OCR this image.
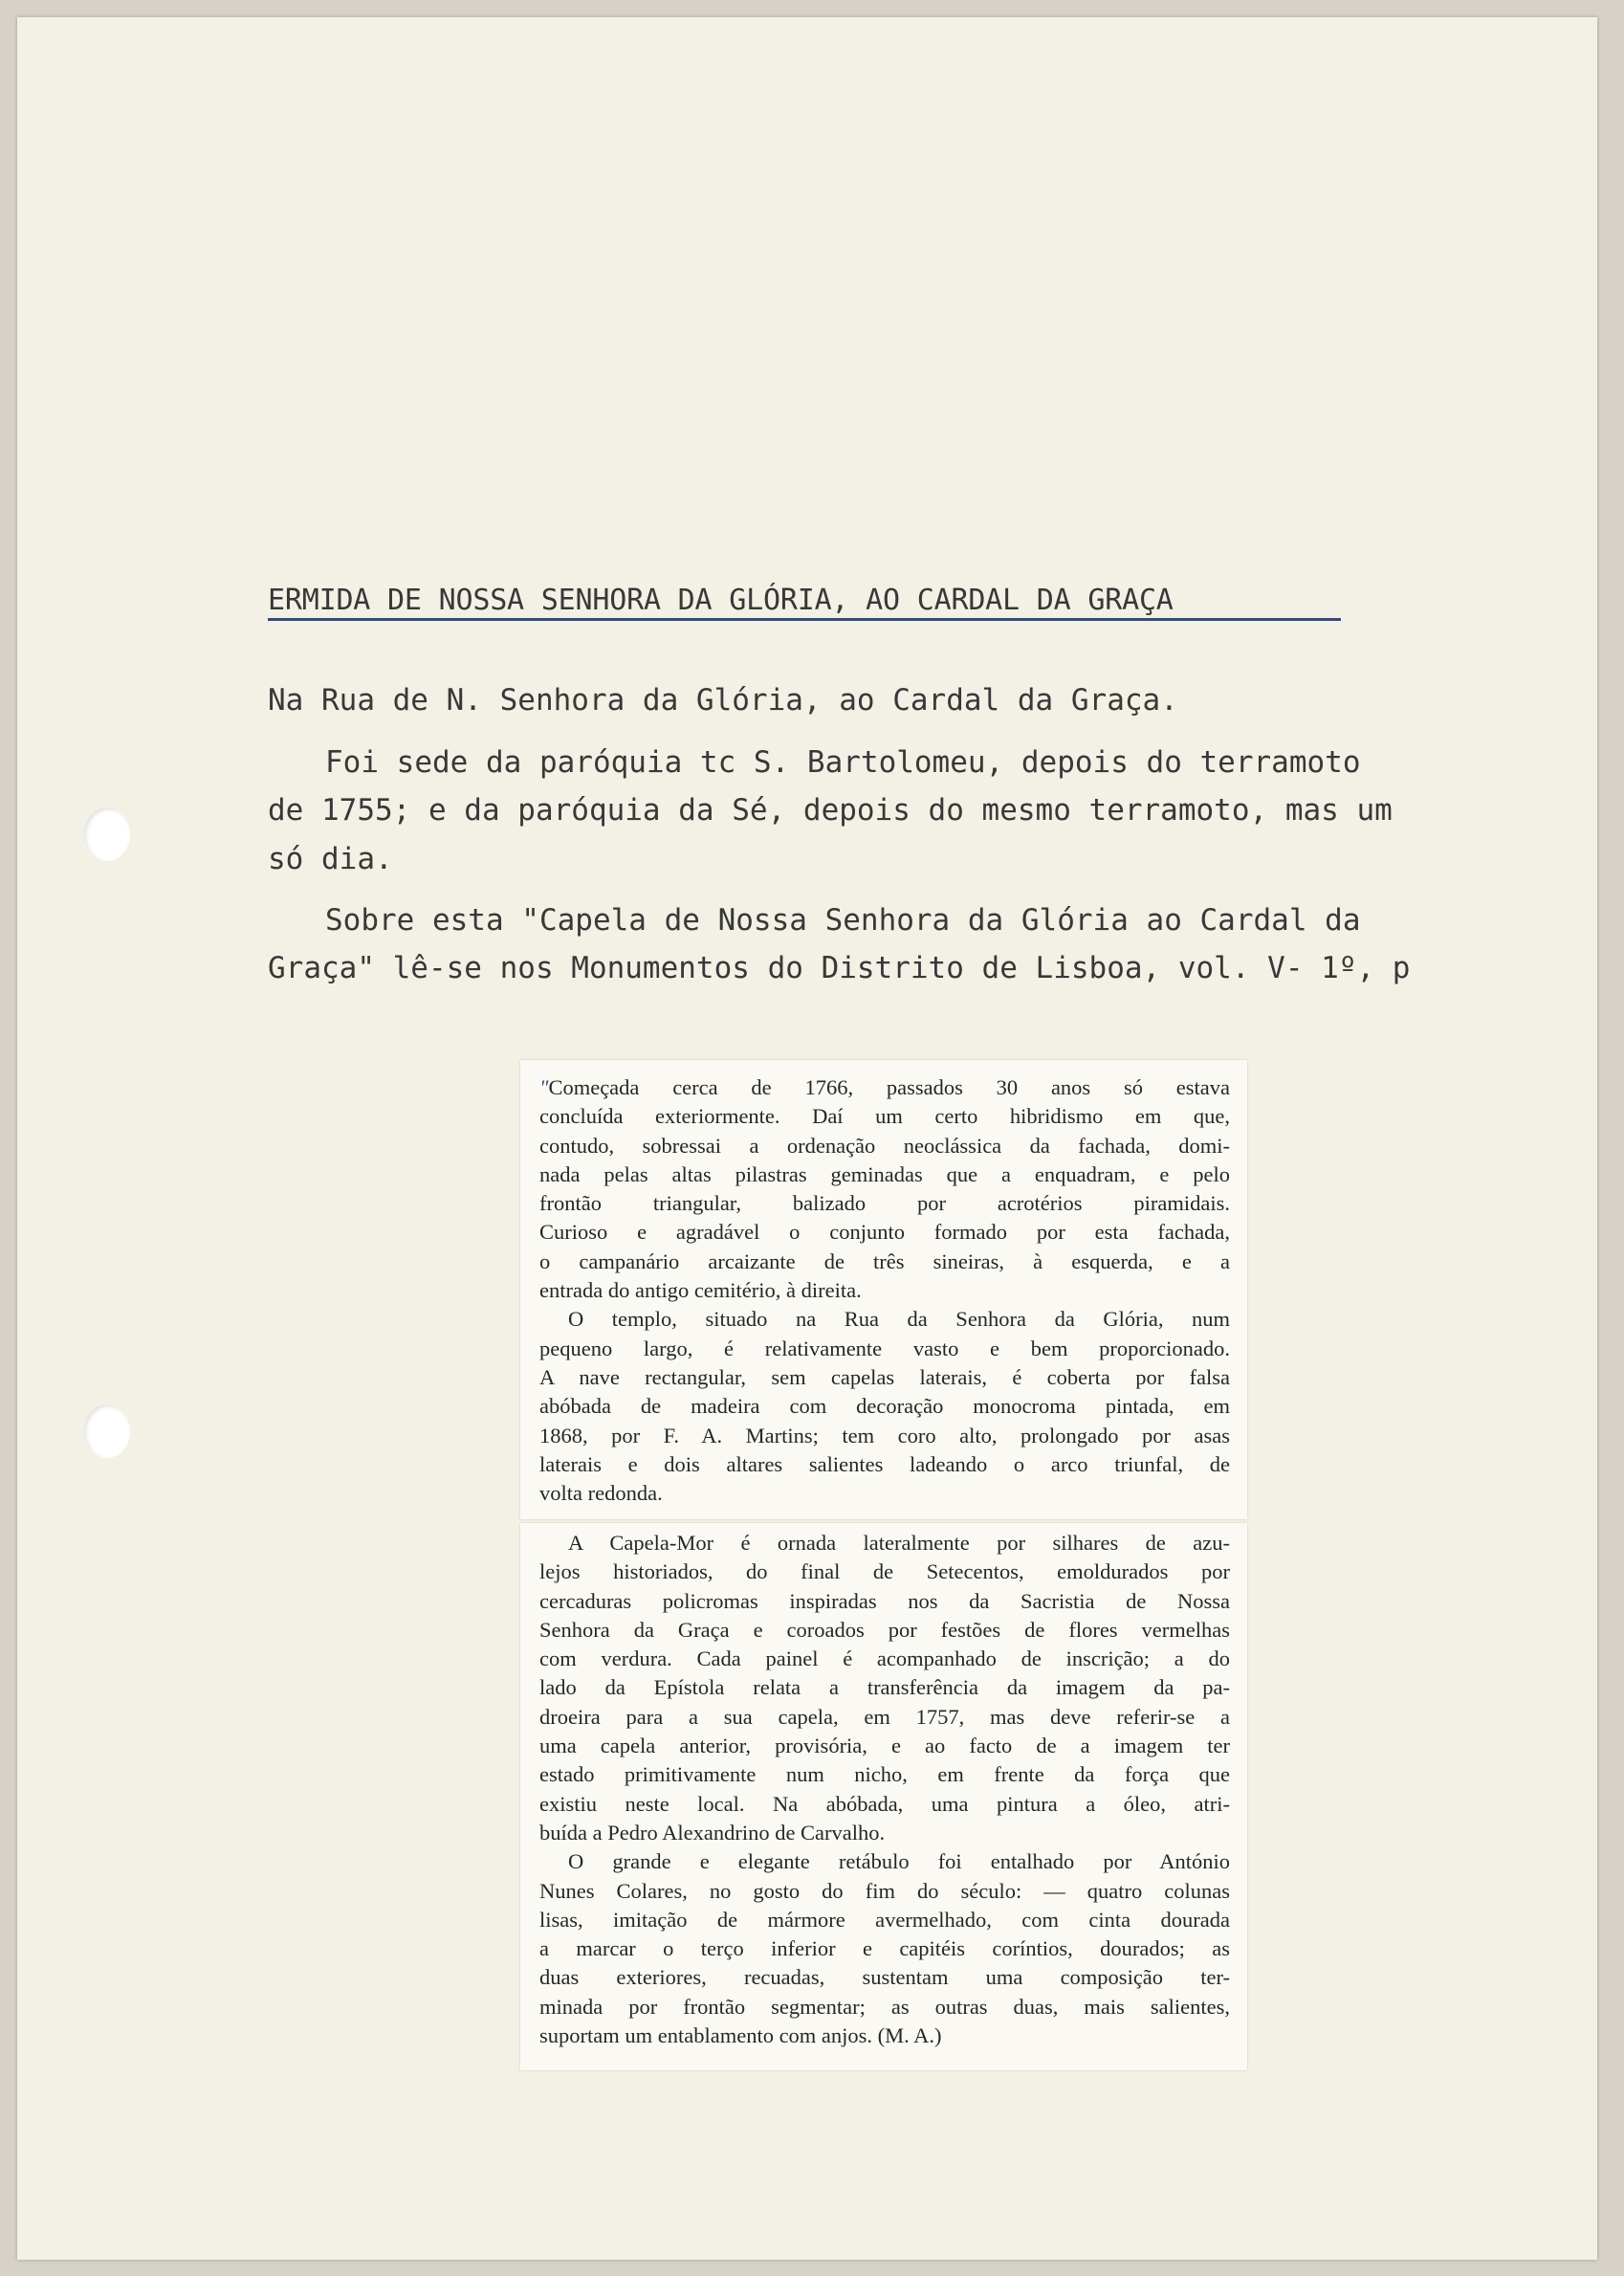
ERMIDA DE NOSSA SENHORA DA GLÓRIA, AO CARDAL DA GRAÇA
Na Rua de N. Senhora da Glória, ao Cardal da Graça.
Foi sede da paróquia tc S. Bartolomeu, depois do terramoto
de 1755; e da paróquia da Sé, depois do mesmo terramoto, mas um
só dia.
Sobre esta "Capela de Nossa Senhora da Glória ao Cardal da
Graça" lê-se nos Monumentos do Distrito de Lisboa, vol. V- 1º, p
"Começada cerca de 1766, passados 30 anos só estava
concluída exteriormente. Daí um certo hibridismo em que,
contudo, sobressai a ordenação neoclássica da fachada, domi-
nada pelas altas pilastras geminadas que a enquadram, e pelo
frontão triangular, balizado por acrotérios piramidais.
Curioso e agradável o conjunto formado por esta fachada,
o campanário arcaizante de três sineiras, à esquerda, e a
entrada do antigo cemitério, à direita.
O templo, situado na Rua da Senhora da Glória, num
pequeno largo, é relativamente vasto e bem proporcionado.
A nave rectangular, sem capelas laterais, é coberta por falsa
abóbada de madeira com decoração monocroma pintada, em
1868, por F. A. Martins; tem coro alto, prolongado por asas
laterais e dois altares salientes ladeando o arco triunfal, de
volta redonda.
A Capela-Mor é ornada lateralmente por silhares de azu-
lejos historiados, do final de Setecentos, emoldurados por
cercaduras policromas inspiradas nos da Sacristia de Nossa
Senhora da Graça e coroados por festões de flores vermelhas
com verdura. Cada painel é acompanhado de inscrição; a do
lado da Epístola relata a transferência da imagem da pa-
droeira para a sua capela, em 1757, mas deve referir-se a
uma capela anterior, provisória, e ao facto de a imagem ter
estado primitivamente num nicho, em frente da força que
existiu neste local. Na abóbada, uma pintura a óleo, atri-
buída a Pedro Alexandrino de Carvalho.
O grande e elegante retábulo foi entalhado por António
Nunes Colares, no gosto do fim do século: — quatro colunas
lisas, imitação de mármore avermelhado, com cinta dourada
a marcar o terço inferior e capitéis coríntios, dourados; as
duas exteriores, recuadas, sustentam uma composição ter-
minada por frontão segmentar; as outras duas, mais salientes,
suportam um entablamento com anjos. (M. A.)
